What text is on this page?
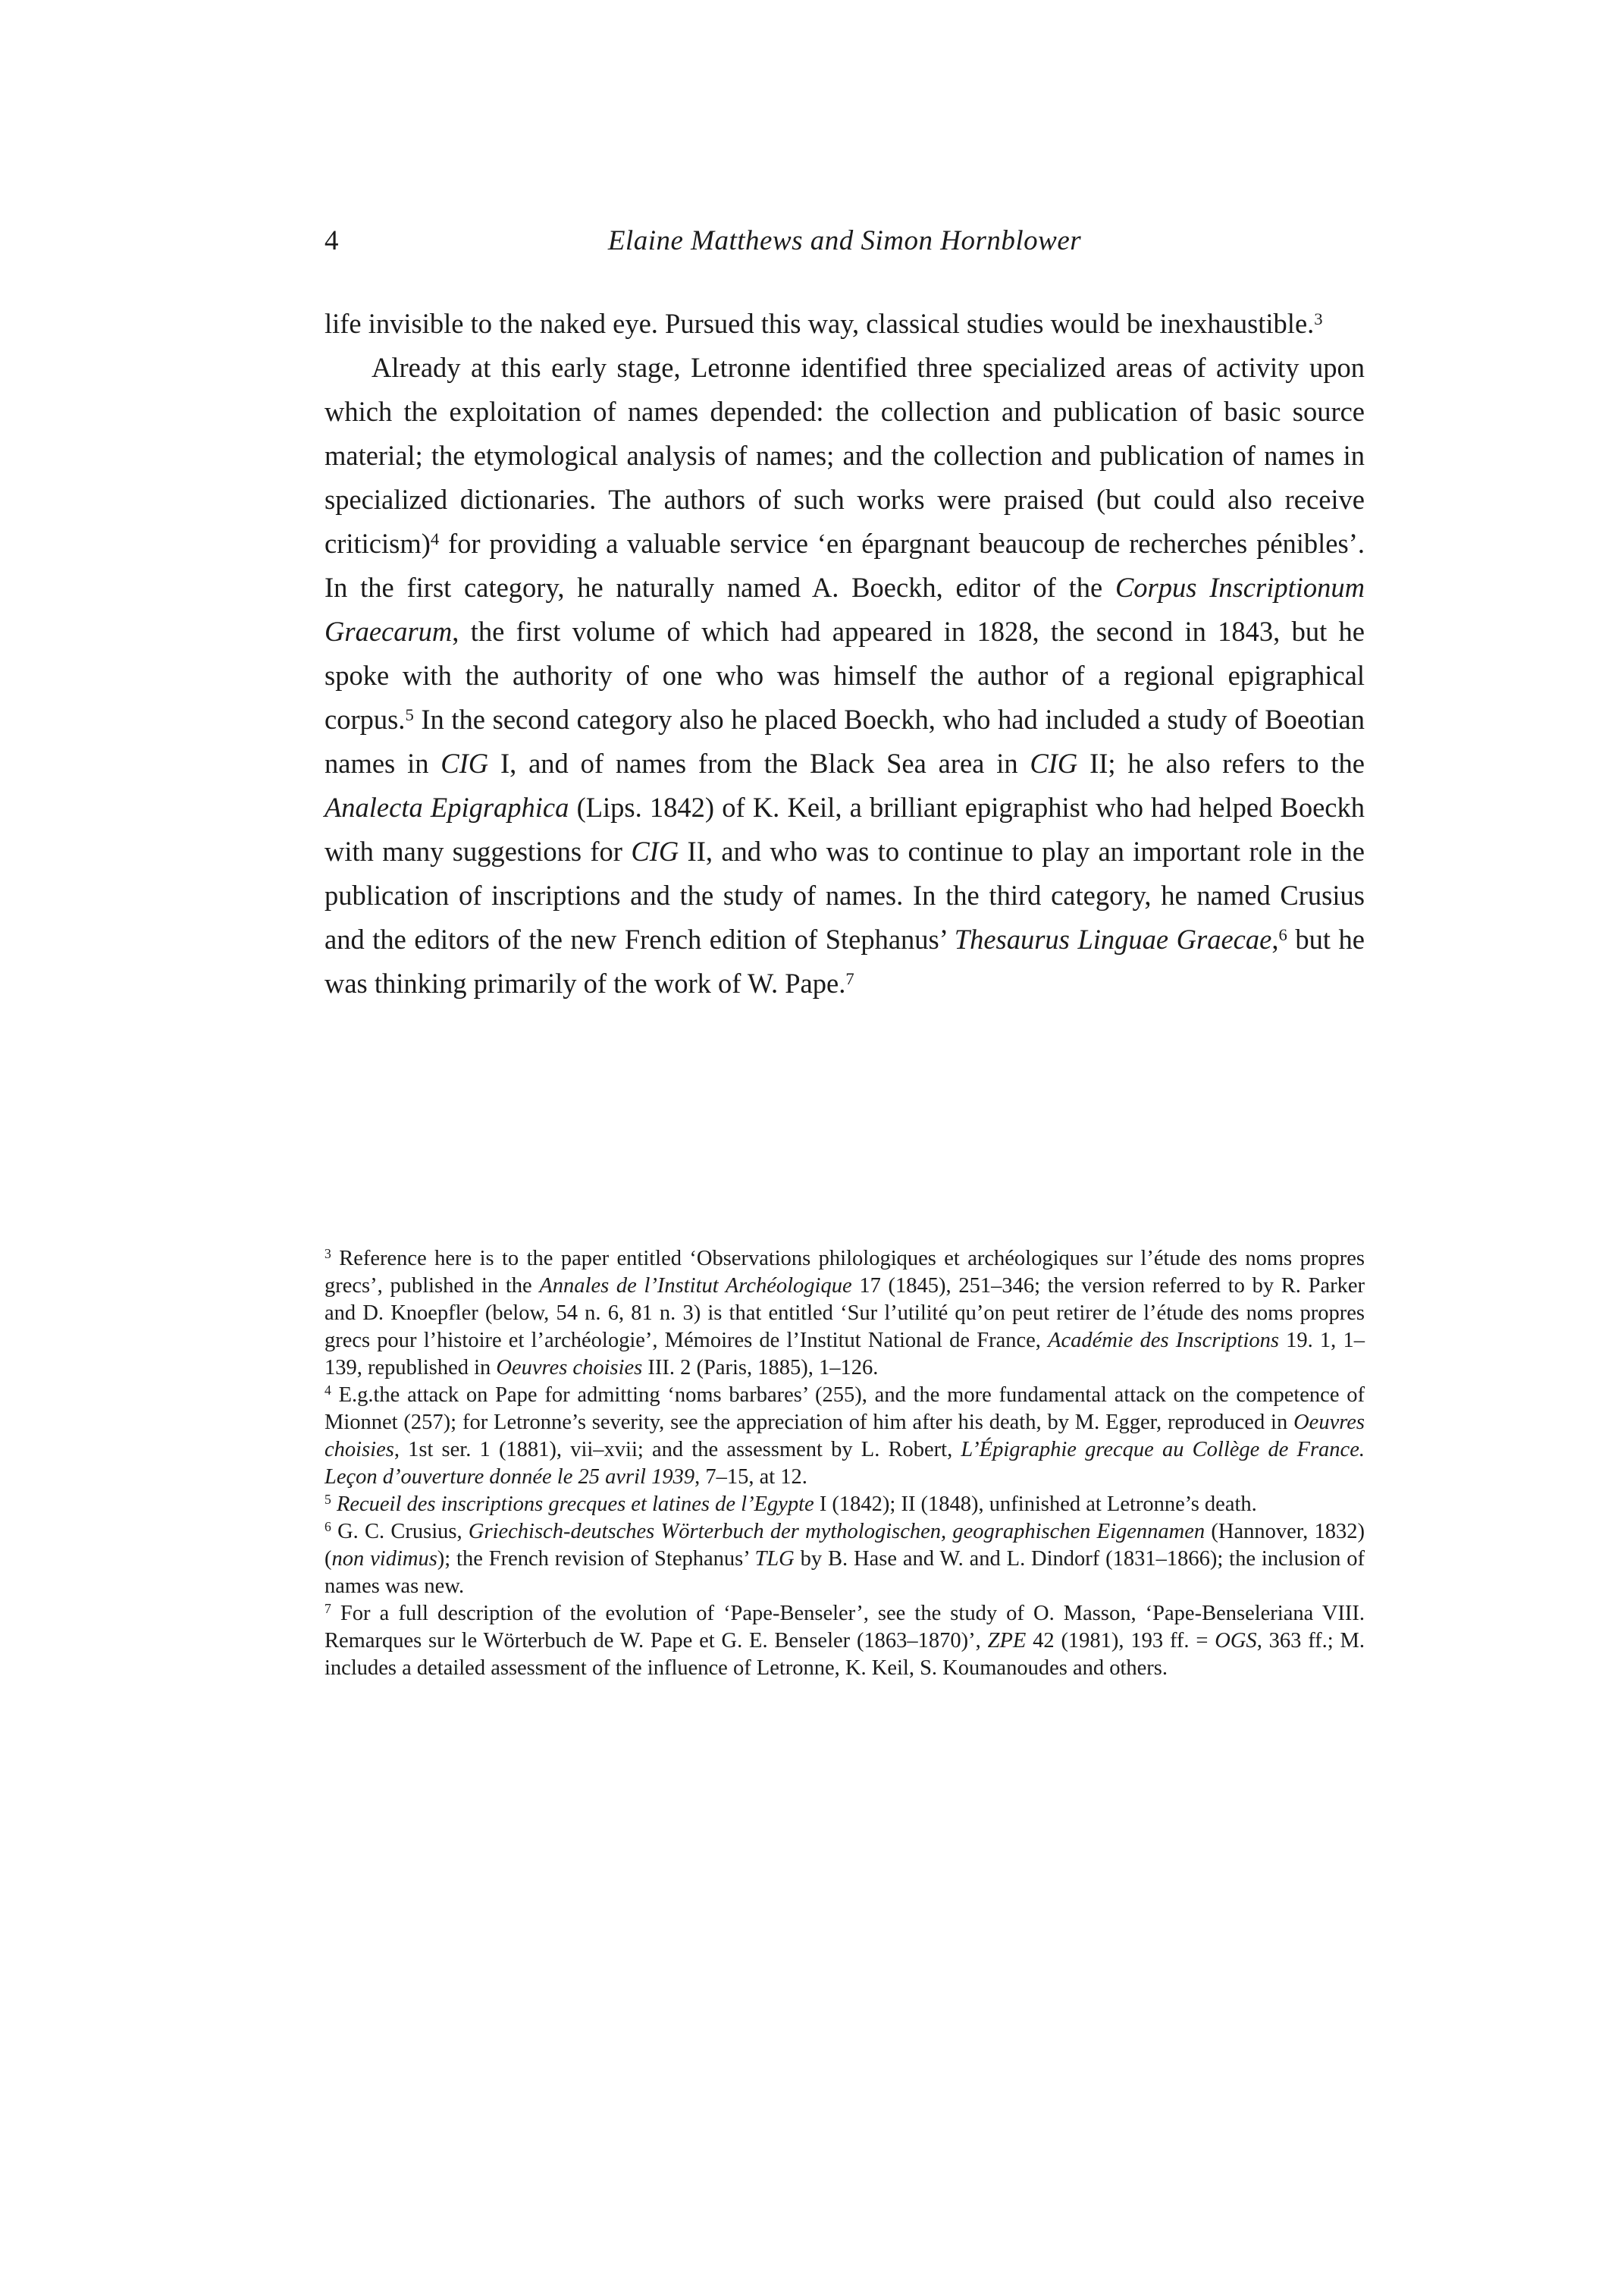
4	Elaine Matthews and Simon Hornblower

life invisible to the naked eye. Pursued this way, classical studies would be inexhaustible.$^3$

Already at this early stage, Letronne identified three specialized areas of activity upon which the exploitation of names depended: the collection and publication of basic source material; the etymological analysis of names; and the collection and publication of names in specialized dictionaries. The authors of such works were praised (but could also receive criticism)$^4$ for providing a valuable service ‘en épargnant beaucoup de recherches pénibles’. In the first category, he naturally named A. Boeckh, editor of the Corpus Inscriptionum Graecarum, the first volume of which had appeared in 1828, the second in 1843, but he spoke with the authority of one who was himself the author of a regional epigraphical corpus.$^5$ In the second category also he placed Boeckh, who had included a study of Boeotian names in CIG I, and of names from the Black Sea area in CIG II; he also refers to the Analecta Epigraphica (Lips. 1842) of K. Keil, a brilliant epigraphist who had helped Boeckh with many suggestions for CIG II, and who was to continue to play an important role in the publication of inscriptions and the study of names. In the third category, he named Crusius and the editors of the new French edition of Stephanus’ Thesaurus Linguae Graecae,$^6$ but he was thinking primarily of the work of W. Pape.$^7$

$^3$ Reference here is to the paper entitled ‘Observations philologiques et archéologiques sur l’étude des noms propres grecs’, published in the Annales de l’Institut Archéologique 17 (1845), 251–346; the version referred to by R. Parker and D. Knoepfler (below, 54 n. 6, 81 n. 3) is that entitled ‘Sur l’utilité qu’on peut retirer de l’étude des noms propres grecs pour l’histoire et l’archéologie’, Mémoires de l’Institut National de France, Académie des Inscriptions 19. 1, 1–139, republished in Oeuvres choisies III. 2 (Paris, 1885), 1–126.

$^4$ E.g.the attack on Pape for admitting ‘noms barbares’ (255), and the more fundamental attack on the competence of Mionnet (257); for Letronne’s severity, see the appreciation of him after his death, by M. Egger, reproduced in Oeuvres choisies, 1st ser. 1 (1881), vii–xvii; and the assessment by L. Robert, L’Épigraphie grecque au Collège de France. Leçon d’ouverture donnée le 25 avril 1939, 7–15, at 12.

$^5$ Recueil des inscriptions grecques et latines de l’Egypte I (1842); II (1848), unfinished at Letronne’s death.

$^6$ G. C. Crusius, Griechisch-deutsches Wörterbuch der mythologischen, geographischen Eigennamen (Hannover, 1832) (non vidimus); the French revision of Stephanus’ TLG by B. Hase and W. and L. Dindorf (1831–1866); the inclusion of names was new.

$^7$ For a full description of the evolution of ‘Pape-Benseler’, see the study of O. Masson, ‘Pape-Benseleriana VIII. Remarques sur le Wörterbuch de W. Pape et G. E. Benseler (1863–1870)’, ZPE 42 (1981), 193 ff. = OGS, 363 ff.; M. includes a detailed assessment of the influence of Letronne, K. Keil, S. Koumanoudes and others.
